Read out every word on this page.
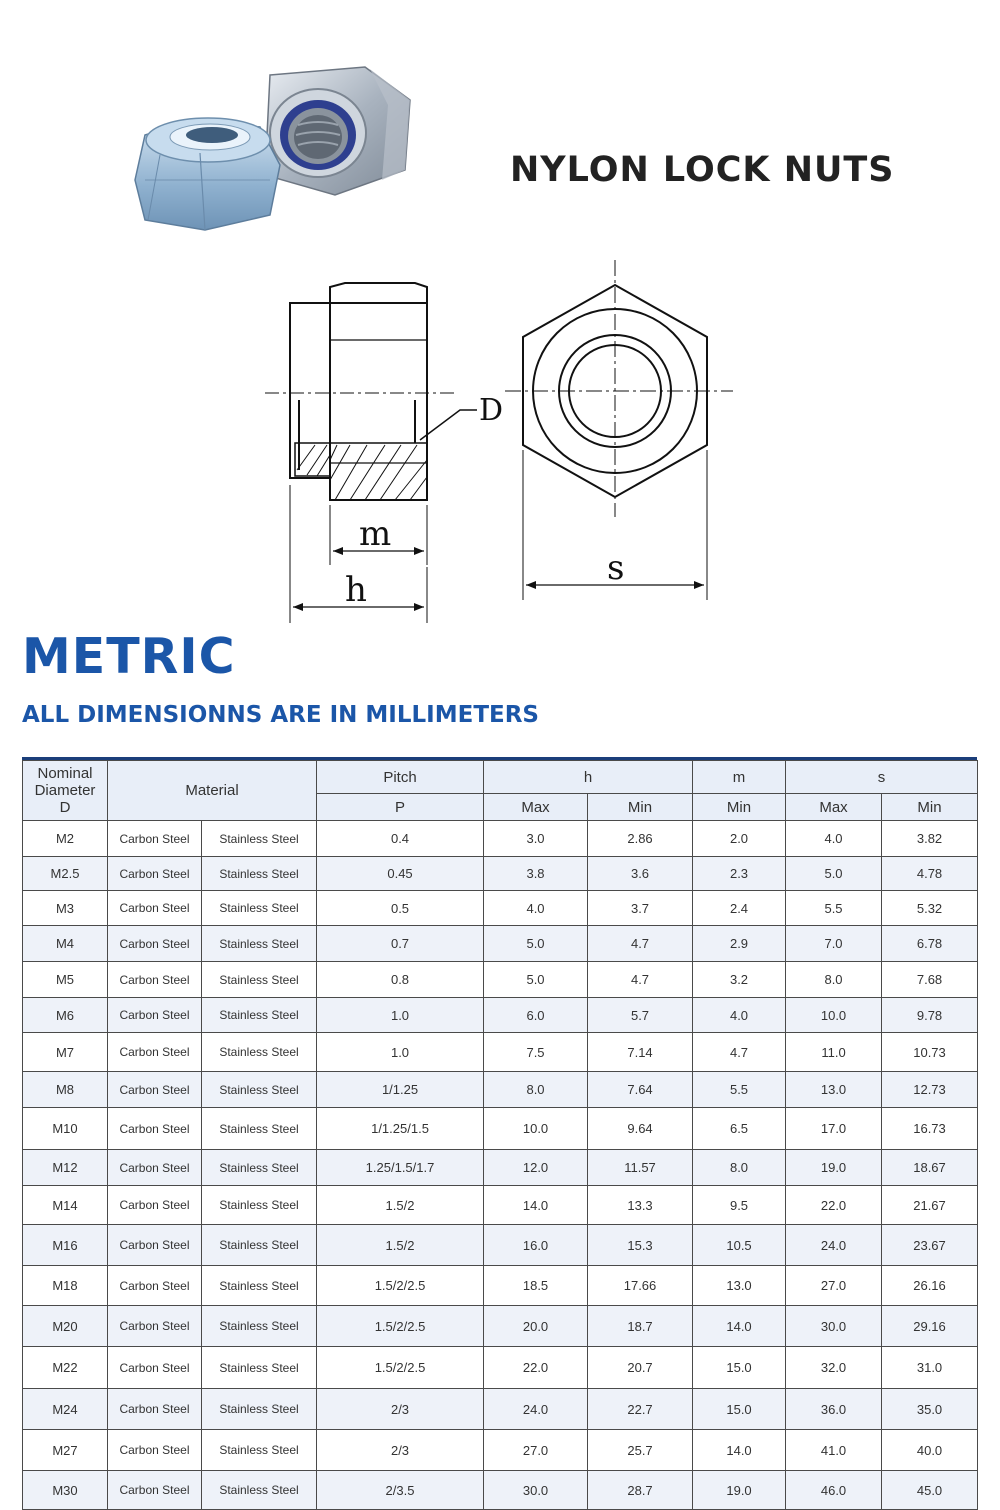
NYLON LOCK NUTS
D
m
h
s
METRIC
ALL DIMENSIONNS ARE IN MILLIMETERS
Nominal
Diameter
D	Material		Pitch	h		m	s	
			P	Max	Min	Min	Max	Min
M2	Carbon Steel	Stainless Steel	0.4	3.0	2.86	2.0	4.0	3.82
M2.5	Carbon Steel	Stainless Steel	0.45	3.8	3.6	2.3	5.0	4.78
M3	Carbon Steel	Stainless Steel	0.5	4.0	3.7	2.4	5.5	5.32
M4	Carbon Steel	Stainless Steel	0.7	5.0	4.7	2.9	7.0	6.78
M5	Carbon Steel	Stainless Steel	0.8	5.0	4.7	3.2	8.0	7.68
M6	Carbon Steel	Stainless Steel	1.0	6.0	5.7	4.0	10.0	9.78
M7	Carbon Steel	Stainless Steel	1.0	7.5	7.14	4.7	11.0	10.73
M8	Carbon Steel	Stainless Steel	1/1.25	8.0	7.64	5.5	13.0	12.73
M10	Carbon Steel	Stainless Steel	1/1.25/1.5	10.0	9.64	6.5	17.0	16.73
M12	Carbon Steel	Stainless Steel	1.25/1.5/1.7	12.0	11.57	8.0	19.0	18.67
M14	Carbon Steel	Stainless Steel	1.5/2	14.0	13.3	9.5	22.0	21.67
M16	Carbon Steel	Stainless Steel	1.5/2	16.0	15.3	10.5	24.0	23.67
M18	Carbon Steel	Stainless Steel	1.5/2/2.5	18.5	17.66	13.0	27.0	26.16
M20	Carbon Steel	Stainless Steel	1.5/2/2.5	20.0	18.7	14.0	30.0	29.16
M22	Carbon Steel	Stainless Steel	1.5/2/2.5	22.0	20.7	15.0	32.0	31.0
M24	Carbon Steel	Stainless Steel	2/3	24.0	22.7	15.0	36.0	35.0
M27	Carbon Steel	Stainless Steel	2/3	27.0	25.7	14.0	41.0	40.0
M30	Carbon Steel	Stainless Steel	2/3.5	30.0	28.7	19.0	46.0	45.0
